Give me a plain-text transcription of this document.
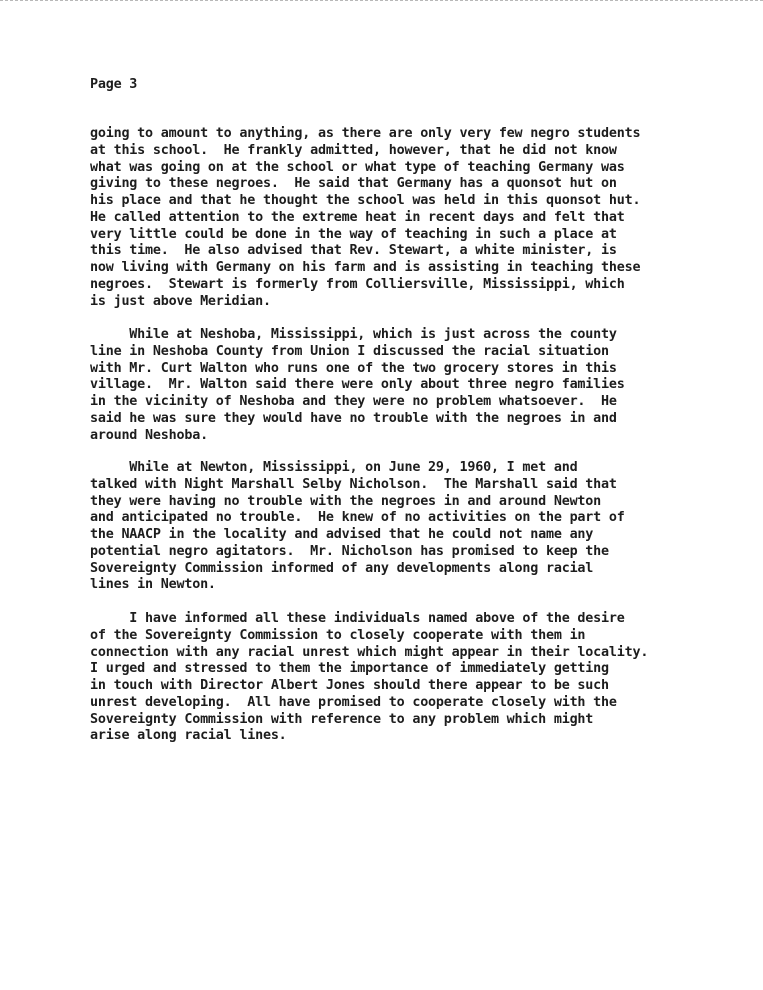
Page 3

going to amount to anything, as there are only very few negro students
at this school.  He frankly admitted, however, that he did not know
what was going on at the school or what type of teaching Germany was
giving to these negroes.  He said that Germany has a quonsot hut on
his place and that he thought the school was held in this quonsot hut.
He called attention to the extreme heat in recent days and felt that
very little could be done in the way of teaching in such a place at
this time.  He also advised that Rev. Stewart, a white minister, is
now living with Germany on his farm and is assisting in teaching these
negroes.  Stewart is formerly from Colliersville, Mississippi, which
is just above Meridian.

While at Neshoba, Mississippi, which is just across the county
line in Neshoba County from Union I discussed the racial situation
with Mr. Curt Walton who runs one of the two grocery stores in this
village.  Mr. Walton said there were only about three negro families
in the vicinity of Neshoba and they were no problem whatsoever.  He
said he was sure they would have no trouble with the negroes in and
around Neshoba.

While at Newton, Mississippi, on June 29, 1960, I met and
talked with Night Marshall Selby Nicholson.  The Marshall said that
they were having no trouble with the negroes in and around Newton
and anticipated no trouble.  He knew of no activities on the part of
the NAACP in the locality and advised that he could not name any
potential negro agitators.  Mr. Nicholson has promised to keep the
Sovereignty Commission informed of any developments along racial
lines in Newton.

I have informed all these individuals named above of the desire
of the Sovereignty Commission to closely cooperate with them in
connection with any racial unrest which might appear in their locality.
I urged and stressed to them the importance of immediately getting
in touch with Director Albert Jones should there appear to be such
unrest developing.  All have promised to cooperate closely with the
Sovereignty Commission with reference to any problem which might
arise along racial lines.
